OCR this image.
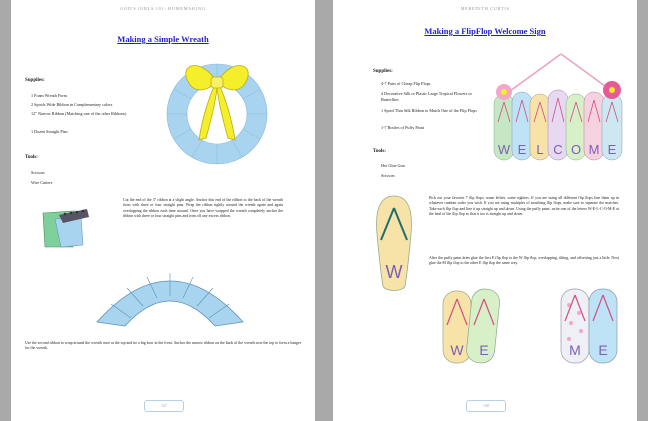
GOD'S GIRLS 101: HOMEMAKING
Making a Simple Wreath
Supplies:
1 Foam Wreath Form
2 Spools Wide Ribbon in Complementary colors
12" Narrow Ribbon (Matching one of the other Ribbons)
1 Dozen Straight Pins
Tools:
Scissors
Wire Cutters
Cut the end of the 3" ribbon at a slight angle. Anchor this end of the ribbon to the back of the wreath form with three or four straight pins. Wrap the ribbon tightly around the wreath again and again overlapping the ribbon each time around. Once you have wrapped the wreath completely anchor the ribbon with three or four straight pins and trim off any excess ribbon.
Use the second ribbon to wrap around the wreath once at the top and tie a big bow in the front. Anchor the narrow ribbon on the back of the wreath now the top to form a hanger for the wreath.
147
MEREDITH CURTIS
Making a FlipFlop Welcome Sign
Supplies:
4-7 Pairs of Cheap Flip Flops
4 Decorative Silk or Plastic Large Tropical Flowers or Butterflies
1 Spool Thin Silk Ribbon to Match One of the Flip Flops
1-7 Bottles of Puffy Paint
Tools:
Hot Glue Gun
Scissors
W E L C O M E
W
Pick out your favorite 7 flip flops, some lefties, some righties. If you are using all different flip flops line them up in whatever random order you wish. If you are using multiples of matching flip flops, make sure to separate the matches. Take each flip flop and line it up straight up and down. Using the puffy paint, write one of the letters W-E-L-C-O-M-E at the heal of the flip flop so that it too is straight up and down.
After the puffy paint dries glue the first E flip flop to the W flip flop, overlapping, tilting, and offsetting just a little. Next glue the M flip flop to the other E flip flop the same way.
W E	M E
148
